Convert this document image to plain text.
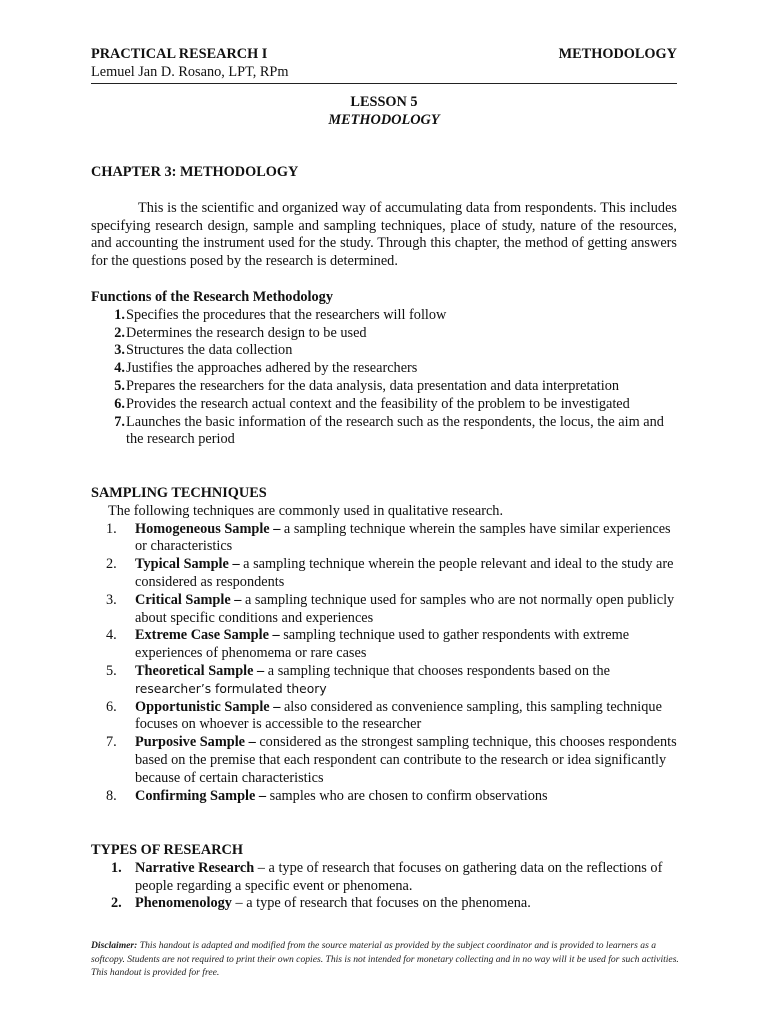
PRACTICAL RESEARCH I	METHODOLOGY
Lemuel Jan D. Rosano, LPT, RPm
LESSON 5
METHODOLOGY
CHAPTER 3: METHODOLOGY
This is the scientific and organized way of accumulating data from respondents. This includes specifying research design, sample and sampling techniques, place of study, nature of the resources, and accounting the instrument used for the study. Through this chapter, the method of getting answers for the questions posed by the research is determined.
Functions of the Research Methodology
1. Specifies the procedures that the researchers will follow
2. Determines the research design to be used
3. Structures the data collection
4. Justifies the approaches adhered by the researchers
5. Prepares the researchers for the data analysis, data presentation and data interpretation
6. Provides the research actual context and the feasibility of the problem to be investigated
7. Launches the basic information of the research such as the respondents, the locus, the aim and the research period
SAMPLING TECHNIQUES
The following techniques are commonly used in qualitative research.
1. Homogeneous Sample – a sampling technique wherein the samples have similar experiences or characteristics
2. Typical Sample – a sampling technique wherein the people relevant and ideal to the study are considered as respondents
3. Critical Sample – a sampling technique used for samples who are not normally open publicly about specific conditions and experiences
4. Extreme Case Sample – sampling technique used to gather respondents with extreme experiences of phenomema or rare cases
5. Theoretical Sample – a sampling technique that chooses respondents based on the
researcher’s formulated theory
6. Opportunistic Sample – also considered as convenience sampling, this sampling technique focuses on whoever is accessible to the researcher
7. Purposive Sample – considered as the strongest sampling technique, this chooses respondents based on the premise that each respondent can contribute to the research or idea significantly because of certain characteristics
8. Confirming Sample – samples who are chosen to confirm observations
TYPES OF RESEARCH
1. Narrative Research – a type of research that focuses on gathering data on the reflections of people regarding a specific event or phenomena.
2. Phenomenology – a type of research that focuses on the phenomena.
Disclaimer: This handout is adapted and modified from the source material as provided by the subject coordinator and is provided to learners as a softcopy. Students are not required to print their own copies. This is not intended for monetary collecting and in no way will it be used for such activities. This handout is provided for free.
